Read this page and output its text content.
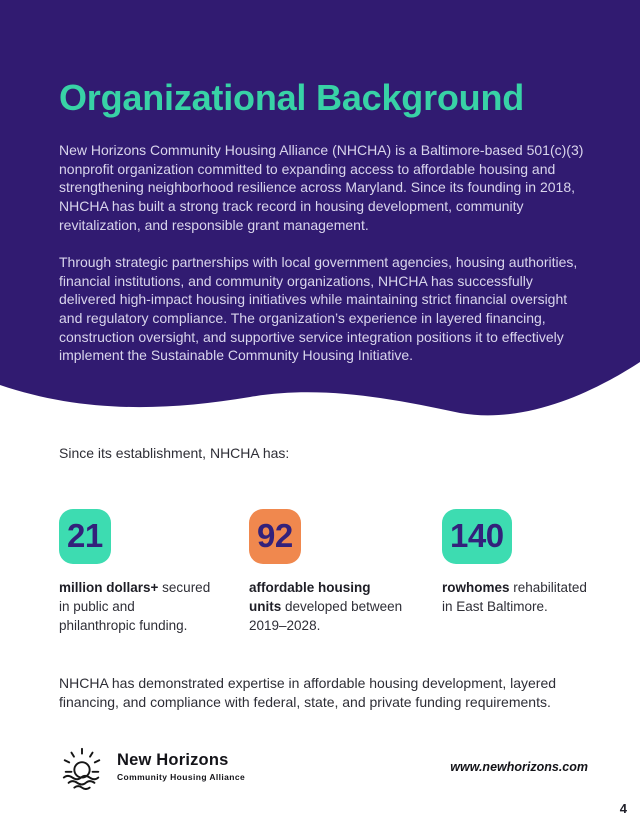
Organizational Background

New Horizons Community Housing Alliance (NHCHA) is a Baltimore-based 501(c)(3) nonprofit organization committed to expanding access to affordable housing and strengthening neighborhood resilience across Maryland. Since its founding in 2018, NHCHA has built a strong track record in housing development, community revitalization, and responsible grant management.

Through strategic partnerships with local government agencies, housing authorities, financial institutions, and community organizations, NHCHA has successfully delivered high-impact housing initiatives while maintaining strict financial oversight and regulatory compliance. The organization’s experience in layered financing, construction oversight, and supportive service integration positions it to effectively implement the Sustainable Community Housing Initiative.

Since its establishment, NHCHA has:

21
million dollars+ secured in public and philanthropic funding.
92
affordable housing units developed between 2019–2028.
140
rowhomes rehabilitated in East Baltimore.

NHCHA has demonstrated expertise in affordable housing development, layered financing, and compliance with federal, state, and private funding requirements.

New Horizons
Community Housing Alliance
www.newhorizons.com
4
